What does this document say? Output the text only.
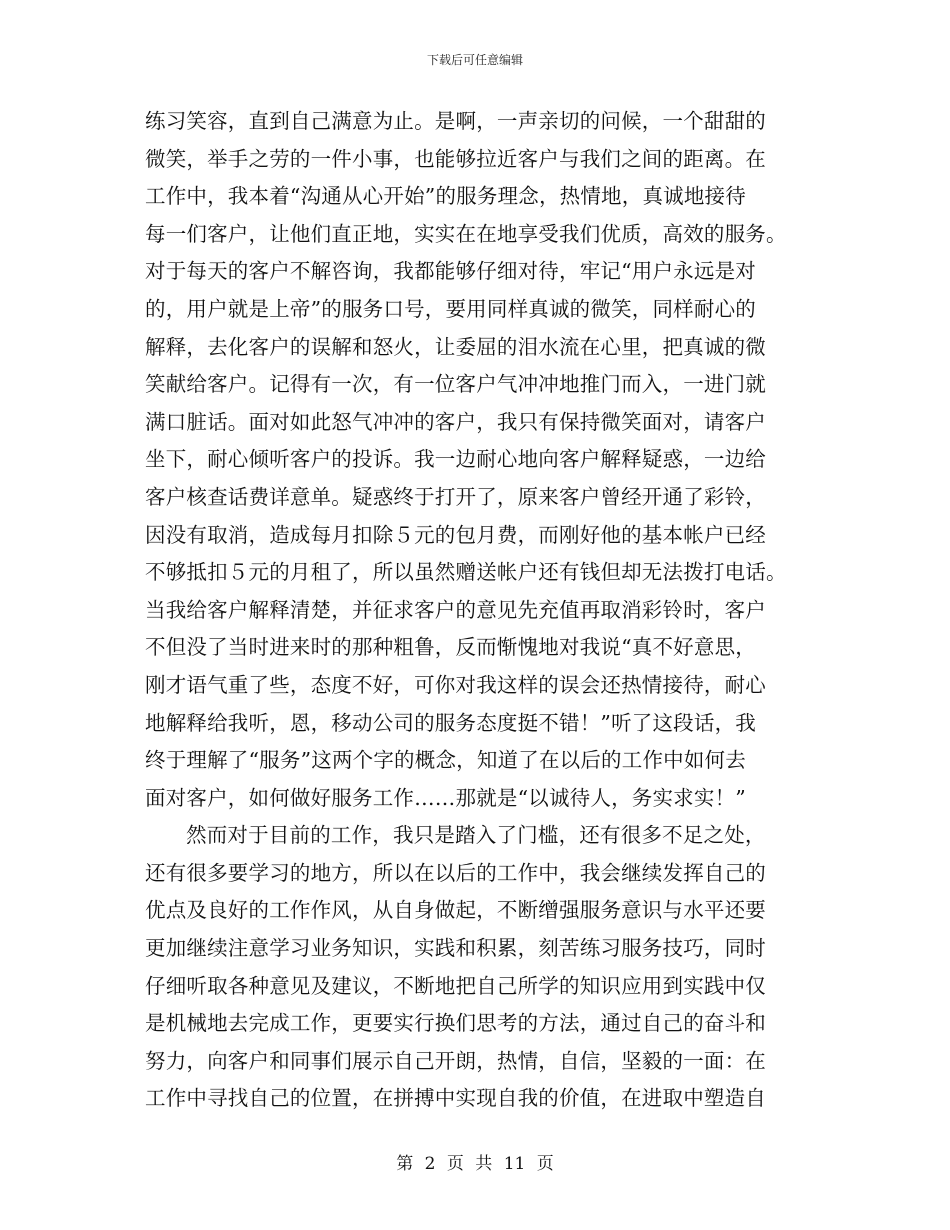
下载后可任意编辑
练习笑容，直到自己满意为止。是啊，一声亲切的问候，一个甜甜的
微笑，举手之劳的一件小事，也能够拉近客户与我们之间的距离。在
工作中，我本着“沟通从心开始”的服务理念，热情地，真诚地接待
每一们客户，让他们直正地，实实在在地享受我们优质，高效的服务。
对于每天的客户不解咨询，我都能够仔细对待，牢记“用户永远是对
的，用户就是上帝”的服务口号，要用同样真诚的微笑，同样耐心的
解释，去化客户的误解和怒火，让委屈的泪水流在心里，把真诚的微
笑献给客户。记得有一次，有一位客户气冲冲地推门而入，一进门就
满口脏话。面对如此怒气冲冲的客户，我只有保持微笑面对，请客户
坐下，耐心倾听客户的投诉。我一边耐心地向客户解释疑惑，一边给
客户核查话费详意单。疑惑终于打开了，原来客户曾经开通了彩铃，
因没有取消，造成每月扣除５元的包月费，而刚好他的基本帐户已经
不够抵扣５元的月租了，所以虽然赠送帐户还有钱但却无法拨打电话。
当我给客户解释清楚，并征求客户的意见先充值再取消彩铃时，客户
不但没了当时进来时的那种粗鲁，反而惭愧地对我说“真不好意思，
刚才语气重了些，态度不好，可你对我这样的误会还热情接待，耐心
地解释给我听，恩，移动公司的服务态度挺不错！”听了这段话，我
终于理解了“服务”这两个字的概念，知道了在以后的工作中如何去
面对客户，如何做好服务工作……那就是“以诚待人，务实求实！”
然而对于目前的工作，我只是踏入了门槛，还有很多不足之处，
还有很多要学习的地方，所以在以后的工作中，我会继续发挥自己的
优点及良好的工作作风，从自身做起，不断缯强服务意识与水平还要
更加继续注意学习业务知识，实践和积累，刻苦练习服务技巧，同时
仔细听取各种意见及建议，不断地把自己所学的知识应用到实践中仅
是机械地去完成工作，更要实行换们思考的方法，通过自己的奋斗和
努力，向客户和同事们展示自己开朗，热情，自信，坚毅的一面：在
工作中寻找自己的位置，在拼搏中实现自我的价值，在进取中塑造自
第 2 页 共 11 页
